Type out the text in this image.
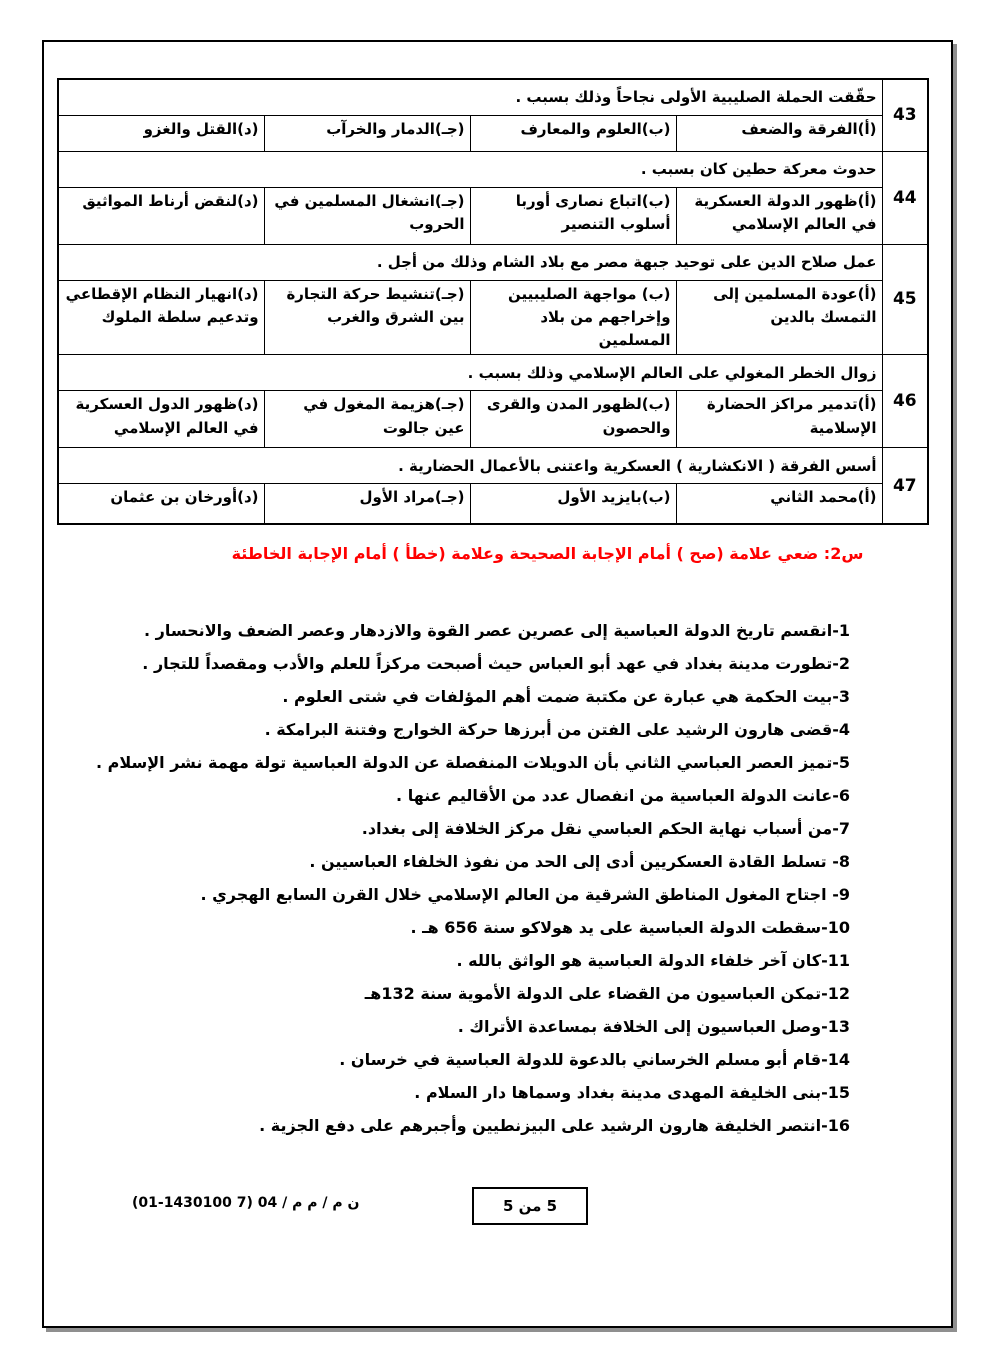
43	حقّقت الحملة الصليبية الأولى نجاحاً وذلك بسبب .			
	(أ)الفرقة والضعف	(ب)العلوم والمعارف	(جـ)الدمار والخرآب	(د)القتل والغزو
44	حدوث معركة حطين كان بسبب .			
	(أ)ظهور الدولة العسكرية في العالم الإسلامي	(ب)اتباع نصارى أوربا أسلوب التنصير	(جـ)انشغال المسلمين في الحروب	(د)لنقض أرناط المواثيق
45	عمل صلاح الدين على توحيد جبهة مصر مع بلاد الشام وذلك من أجل .			
	(أ)عودة المسلمين إلى التمسك بالدين	(ب) مواجهة الصليبيين وإخراجهم من بلاد المسلمين	(جـ)تنشيط حركة التجارة بين الشرق والغرب	(د)انهيار النظام الإقطاعي وتدعيم سلطة الملوك
46	زوال الخطر المغولي على العالم الإسلامي وذلك بسبب .			
	(أ)تدمير مراكز الحضارة الإسلامية	(ب)لظهور المدن والقرى والحصون	(جـ)هزيمة المغول في عين جالوت	(د)ظهور الدول العسكرية في العالم الإسلامي
47	أسس الفرقة ( الانكشارية ) العسكرية واعتنى بالأعمال الحضارية .			
	(أ)محمد الثاني	(ب)بايزيد الأول	(جـ)مراد الأول	(د)أورخان بن عثمان
س2: ضعي علامة (صح ) أمام الإجابة الصحيحة وعلامة (خطأ ) أمام الإجابة الخاطئة
1-انقسم تاريخ الدولة العباسية إلى عصرين عصر القوة والازدهار وعصر الضعف والانحسار .
2-تطورت مدينة بغداد في عهد أبو العباس حيث أصبحت مركزاً للعلم والأدب ومقصداً للتجار .
3-بيت الحكمة هي عبارة عن مكتبة ضمت أهم المؤلفات في شتى العلوم .
4-قضى هارون الرشيد على الفتن من أبرزها حركة الخوارج وفتنة البرامكة .
5-تميز العصر العباسي الثاني بأن الدويلات المنفصلة عن الدولة العباسية تولة مهمة نشر الإسلام .
6-عانت الدولة العباسية من انفصال عدد من الأقاليم عنها .
7-من أسباب نهاية الحكم العباسي نقل مركز الخلافة إلى بغداد.
8- تسلط القادة العسكريين أدى إلى الحد من نفوذ الخلفاء العباسيين .
9- اجتاح المغول المناطق الشرقية من العالم الإسلامي خلال القرن السابع الهجري .
10-سقطت الدولة العباسية على يد هولاكو سنة 656 هـ .
11-كان آخر خلفاء الدولة العباسية هو الواثق بالله .
12-تمكن العباسيون من القضاء على الدولة الأموية سنة 132هـ
13-وصل العباسيون إلى الخلافة بمساعدة الأتراك .
14-قام أبو مسلم الخرساني بالدعوة للدولة العباسية في خرسان .
15-بنى الخليفة المهدى مدينة بغداد وسماها دار السلام .
16-انتصر الخليفة هارون الرشيد على البيزنطيين وأجبرهم على دفع الجزية .
5 من 5
ن م / م م / (01-1430100 7) 04
